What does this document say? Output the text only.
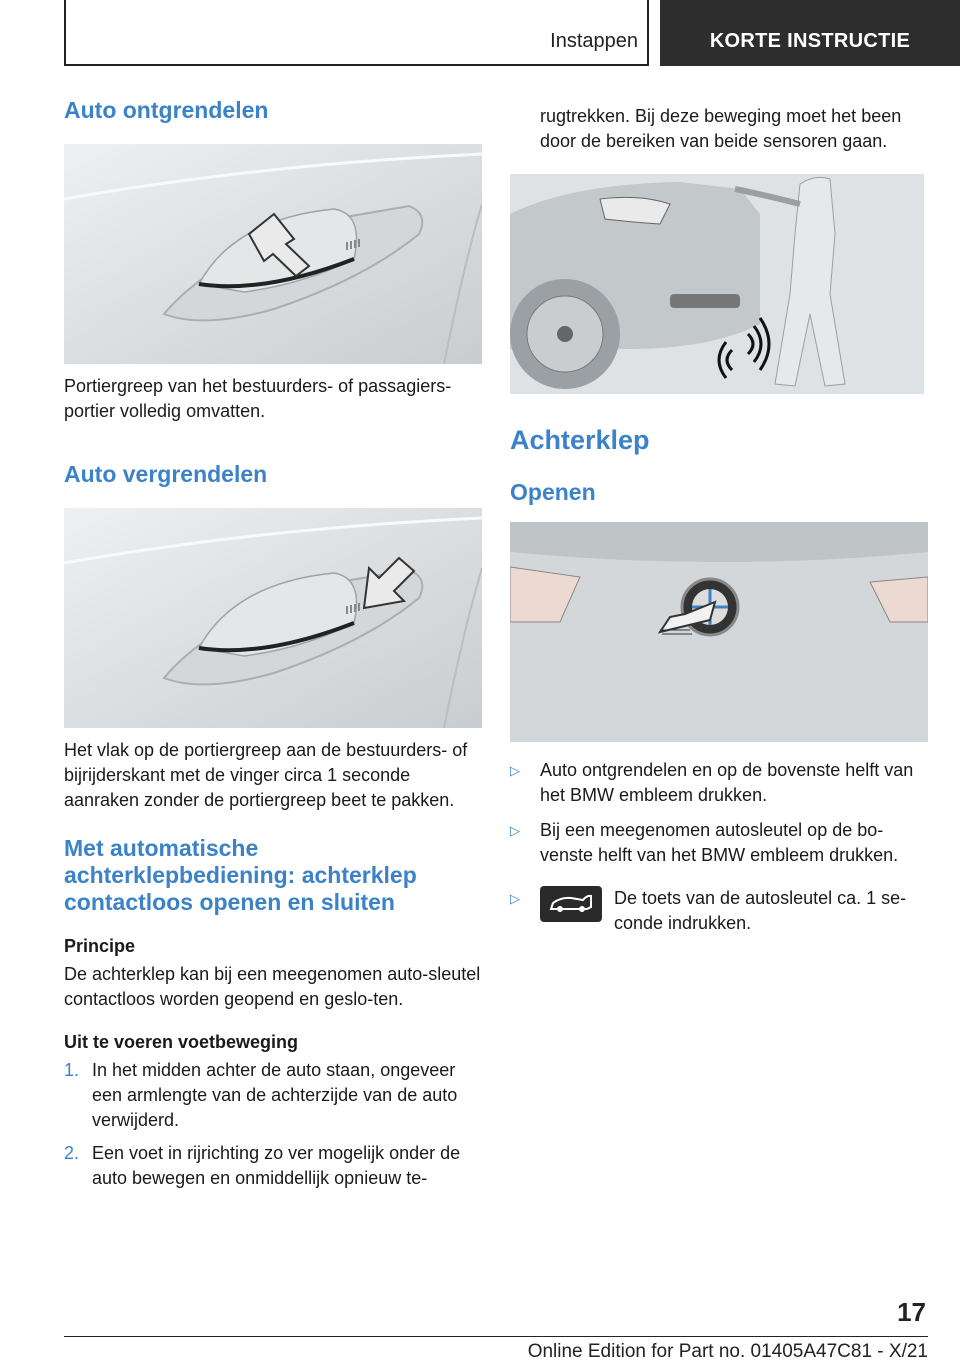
Instappen	KORTE INSTRUCTIE
Auto ontgrendelen

Portiergreep van het bestuurders- of passagiers-portier volledig omvatten.

Auto vergrendelen

Het vlak op de portiergreep aan de bestuurders- of bijrijderskant met de vinger circa 1 seconde aanraken zonder de portiergreep beet te pakken.

Met automatische achterklepbediening: achterklep contactloos openen en sluiten
Principe

De achterklep kan bij een meegenomen auto-sleutel contactloos worden geopend en geslo-ten.

Uit te voeren voetbeweging
1. In het midden achter de auto staan, ongeveer een armlengte van de achterzijde van de auto verwijderd.
2. Een voet in rijrichting zo ver mogelijk onder de auto bewegen en onmiddellijk opnieuw te-

rugtrekken. Bij deze beweging moet het been door de bereiken van beide sensoren gaan.

Achterklep
Openen
▷	Auto ontgrendelen en op de bovenste helft van het BMW embleem drukken.
▷	Bij een meegenomen autosleutel op de bo-venste helft van het BMW embleem drukken.
▷	De toets van de autosleutel ca. 1 se-conde indrukken.
17
Online Edition for Part no. 01405A47C81 - X/21
